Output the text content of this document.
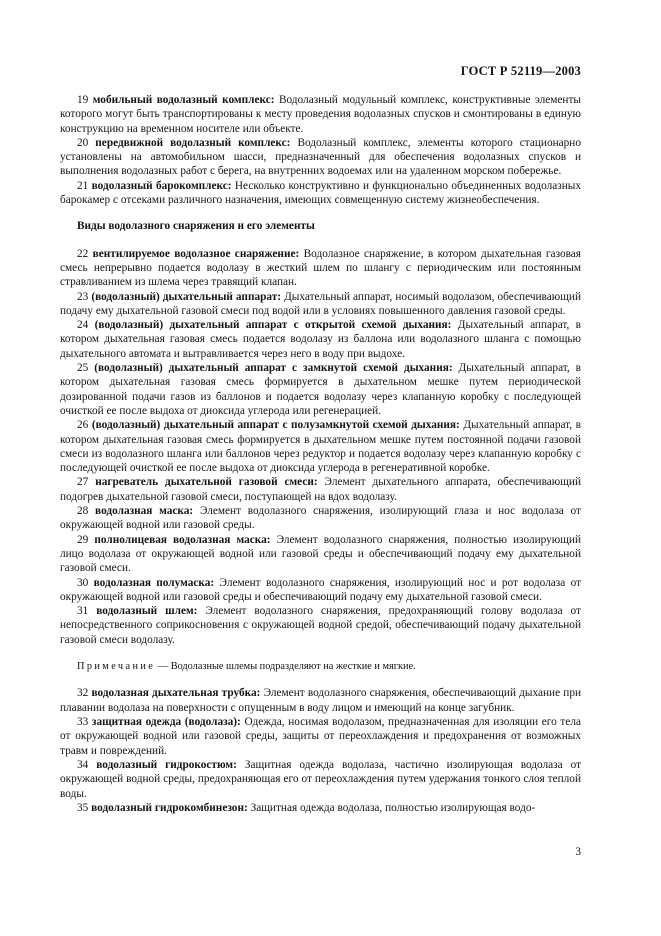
ГОСТ Р 52119—2003

19 мобильный водолазный комплекс: Водолазный модульный комплекс, конструктивные элементы которого могут быть транспортированы к месту проведения водолазных спусков и смонтированы в единую конструкцию на временном носителе или объекте.

20 передвижной водолазный комплекс: Водолазный комплекс, элементы которого стационарно установлены на автомобильном шасси, предназначенный для обеспечения водолазных спусков и выполнения водолазных работ с берега, на внутренних водоемах или на удаленном морском побережье.

21 водолазный барокомплекс: Несколько конструктивно и функционально объединенных водолазных барокамер с отсеками различного назначения, имеющих совмещенную систему жизнеобеспечения.

Виды водолазного снаряжения и его элементы

22 вентилируемое водолазное снаряжение: Водолазное снаряжение, в котором дыхательная газовая смесь непрерывно подается водолазу в жесткий шлем по шлангу с периодическим или постоянным стравливанием из шлема через травящий клапан.

23 (водолазный) дыхательный аппарат: Дыхательный аппарат, носимый водолазом, обеспечивающий подачу ему дыхательной газовой смеси под водой или в условиях повышенного давления газовой среды.

24 (водолазный) дыхательный аппарат с открытой схемой дыхания: Дыхательный аппарат, в котором дыхательная газовая смесь подается водолазу из баллона или водолазного шланга с помощью дыхательного автомата и вытравливается через него в воду при выдохе.

25 (водолазный) дыхательный аппарат с замкнутой схемой дыхания: Дыхательный аппарат, в котором дыхательная газовая смесь формируется в дыхательном мешке путем периодической дозированной подачи газов из баллонов и подается водолазу через клапанную коробку с последующей очисткой ее после выдоха от диоксида углерода или регенерацией.

26 (водолазный) дыхательный аппарат с полузамкнутой схемой дыхания: Дыхательный аппарат, в котором дыхательная газовая смесь формируется в дыхательном мешке путем постоянной подачи газовой смеси из водолазного шланга или баллонов через редуктор и подается водолазу через клапанную коробку с последующей очисткой ее после выдоха от диоксида углерода в регенеративной коробке.

27 нагреватель дыхательной газовой смеси: Элемент дыхательного аппарата, обеспечивающий подогрев дыхательной газовой смеси, поступающей на вдох водолазу.

28 водолазная маска: Элемент водолазного снаряжения, изолирующий глаза и нос водолаза от окружающей водной или газовой среды.

29 полнолицевая водолазная маска: Элемент водолазного снаряжения, полностью изолирующий лицо водолаза от окружающей водной или газовой среды и обеспечивающий подачу ему дыхательной газовой смеси.

30 водолазная полумаска: Элемент водолазного снаряжения, изолирующий нос и рот водолаза от окружающей водной или газовой среды и обеспечивающий подачу ему дыхательной газовой смеси.

31 водолазный шлем: Элемент водолазного снаряжения, предохраняющий голову водолаза от непосредственного соприкосновения с окружающей водной средой, обеспечивающий подачу дыхательной газовой смеси водолазу.

Примечание — Водолазные шлемы подразделяют на жесткие и мягкие.

32 водолазная дыхательная трубка: Элемент водолазного снаряжения, обеспечивающий дыхание при плавании водолаза на поверхности с опущенным в воду лицом и имеющий на конце загубник.

33 защитная одежда (водолаза): Одежда, носимая водолазом, предназначенная для изоляции его тела от окружающей водной или газовой среды, защиты от переохлаждения и предохранения от возможных травм и повреждений.

34 водолазный гидрокостюм: Защитная одежда водолаза, частично изолирующая водолаза от окружающей водной среды, предохраняющая его от переохлаждения путем удержания тонкого слоя теплой воды.

35 водолазный гидрокомбинезон: Защитная одежда водолаза, полностью изолирующая водо-

3
